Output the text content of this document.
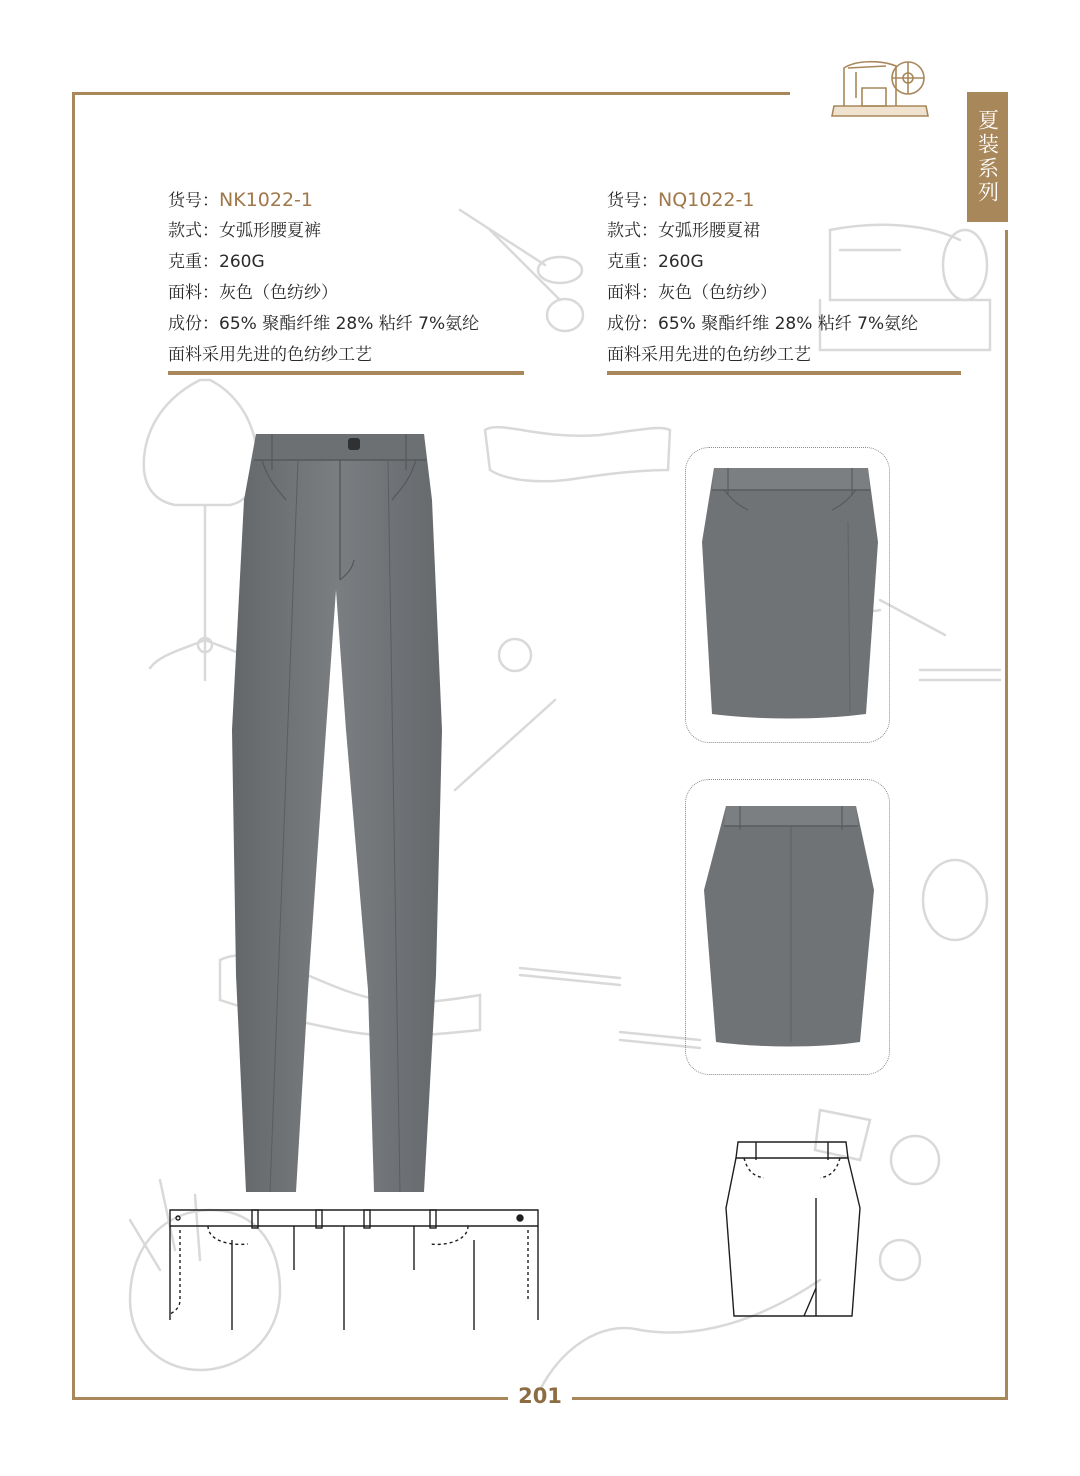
夏装系列
201
货号：NK1022-1
款式：女弧形腰夏裤
克重：260G
面料：灰色（色纺纱）
成份：65% 聚酯纤维 28% 粘纤 7%氨纶
面料采用先进的色纺纱工艺
货号：NQ1022-1
款式：女弧形腰夏裙
克重：260G
面料：灰色（色纺纱）
成份：65% 聚酯纤维 28% 粘纤 7%氨纶
面料采用先进的色纺纱工艺
